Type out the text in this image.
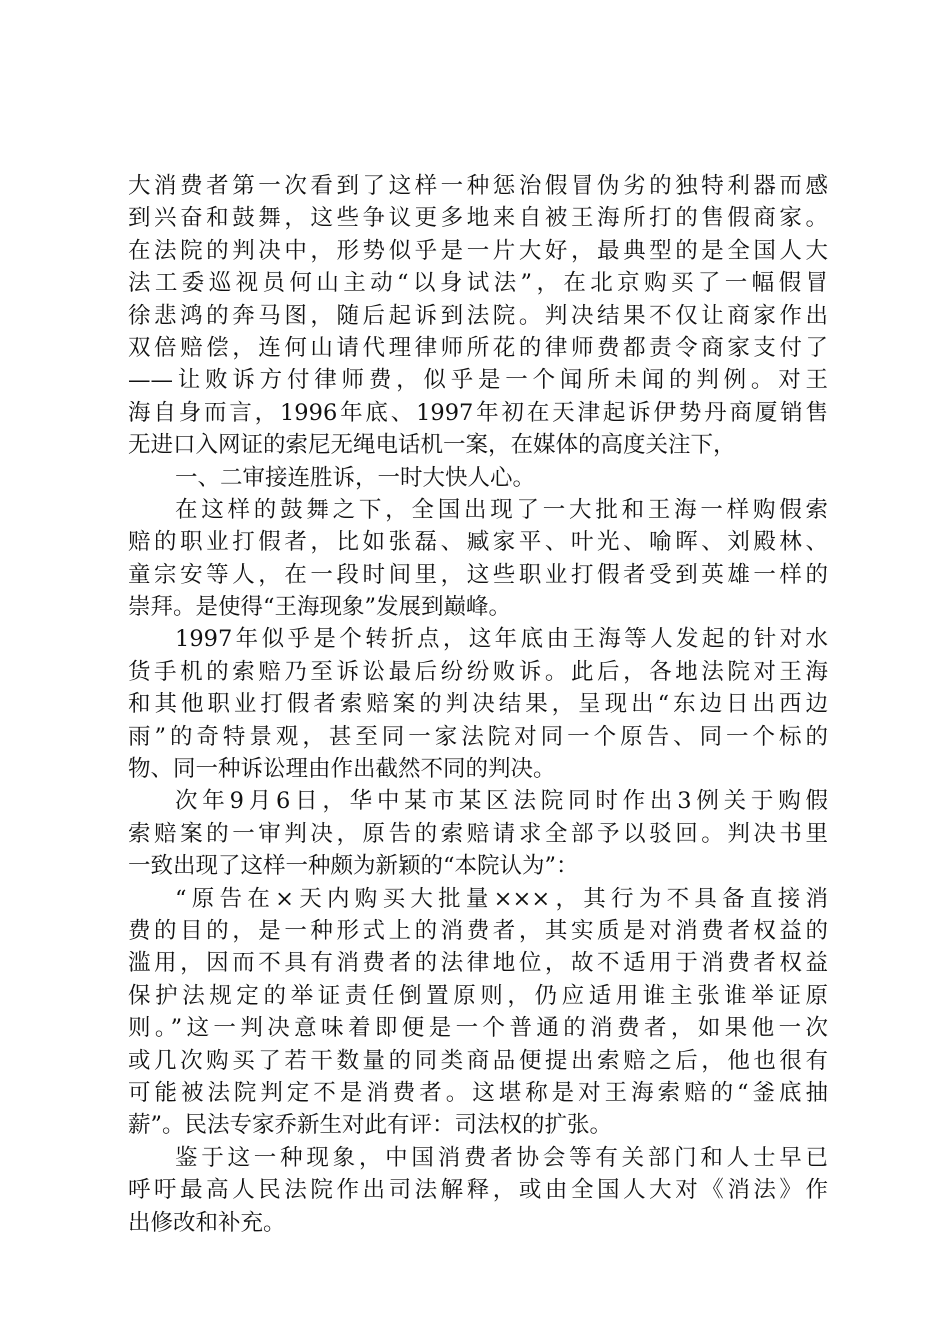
大消费者第一次看到了这样一种惩治假冒伪劣的独特利器而感
到兴奋和鼓舞，这些争议更多地来自被王海所打的售假商家。
在法院的判决中，形势似乎是一片大好，最典型的是全国人大
法工委巡视员何山主动“以身试法”，在北京购买了一幅假冒
徐悲鸿的奔马图，随后起诉到法院。判决结果不仅让商家作出
双倍赔偿，连何山请代理律师所花的律师费都责令商家支付了
——让败诉方付律师费，似乎是一个闻所未闻的判例。对王
海自身而言，1996年底、1997年初在天津起诉伊势丹商厦销售
无进口入网证的索尼无绳电话机一案，在媒体的高度关注下，
一、二审接连胜诉，一时大快人心。
在这样的鼓舞之下，全国出现了一大批和王海一样购假索
赔的职业打假者，比如张磊、臧家平、叶光、喻晖、刘殿林、
童宗安等人，在一段时间里，这些职业打假者受到英雄一样的
崇拜。是使得“王海现象”发展到巅峰。
1997年似乎是个转折点，这年底由王海等人发起的针对水
货手机的索赔乃至诉讼最后纷纷败诉。此后，各地法院对王海
和其他职业打假者索赔案的判决结果，呈现出“东边日出西边
雨”的奇特景观，甚至同一家法院对同一个原告、同一个标的
物、同一种诉讼理由作出截然不同的判决。
次年9月6日，华中某市某区法院同时作出3例关于购假
索赔案的一审判决，原告的索赔请求全部予以驳回。判决书里
一致出现了这样一种颇为新颖的“本院认为”：
“原告在×天内购买大批量×××，其行为不具备直接消
费的目的，是一种形式上的消费者，其实质是对消费者权益的
滥用，因而不具有消费者的法律地位，故不适用于消费者权益
保护法规定的举证责任倒置原则，仍应适用谁主张谁举证原
则。”这一判决意味着即便是一个普通的消费者，如果他一次
或几次购买了若干数量的同类商品便提出索赔之后，他也很有
可能被法院判定不是消费者。这堪称是对王海索赔的“釜底抽
薪”。民法专家乔新生对此有评：司法权的扩张。
鉴于这一种现象，中国消费者协会等有关部门和人士早已
呼吁最高人民法院作出司法解释，或由全国人大对《消法》作
出修改和补充。
